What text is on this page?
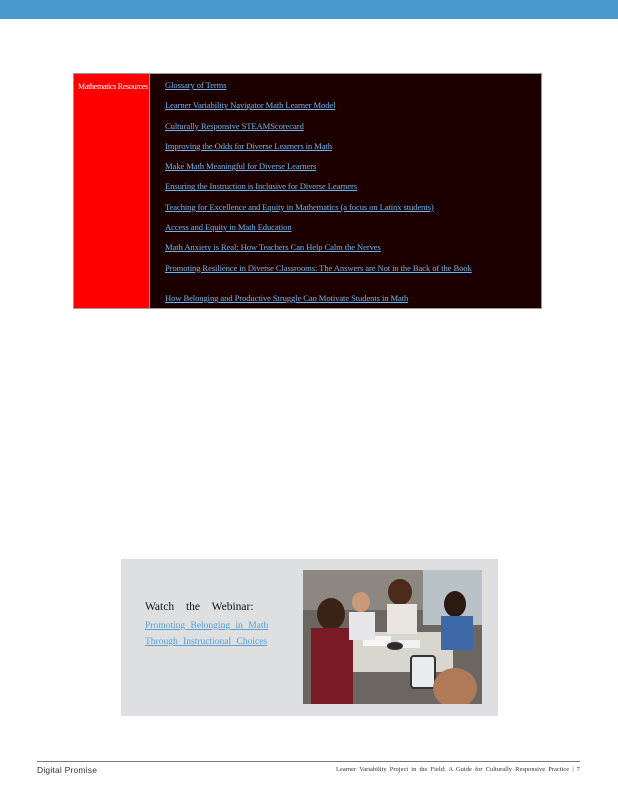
Mathematics Resources Glossary of Terms
Learner Variability Navigator Math Learner Model
Culturally Responsive STEAMScorecard
Improving the Odds for Diverse Learners in Math
Make Math Meaningful for Diverse Learners
Ensuring the Instruction is Inclusive for Diverse Learners
Teaching for Excellence and Equity in Mathematics (a focus on Latinx students)
Access and Equity in Math Education
Math Anxiety is Real: How Teachers Can Help Calm the Nerves
Promoting Resilience in Diverse Classrooms: The Answers are Not in the Back of the Book
How Belonging and Productive Struggle Can Motivate Students in Math
Watch the Webinar:
Promoting Belonging in Math Through Instructional Choices
Digital Promise	Learner Variability Project in the Field: A Guide for Culturally Responsive Practice | 7
